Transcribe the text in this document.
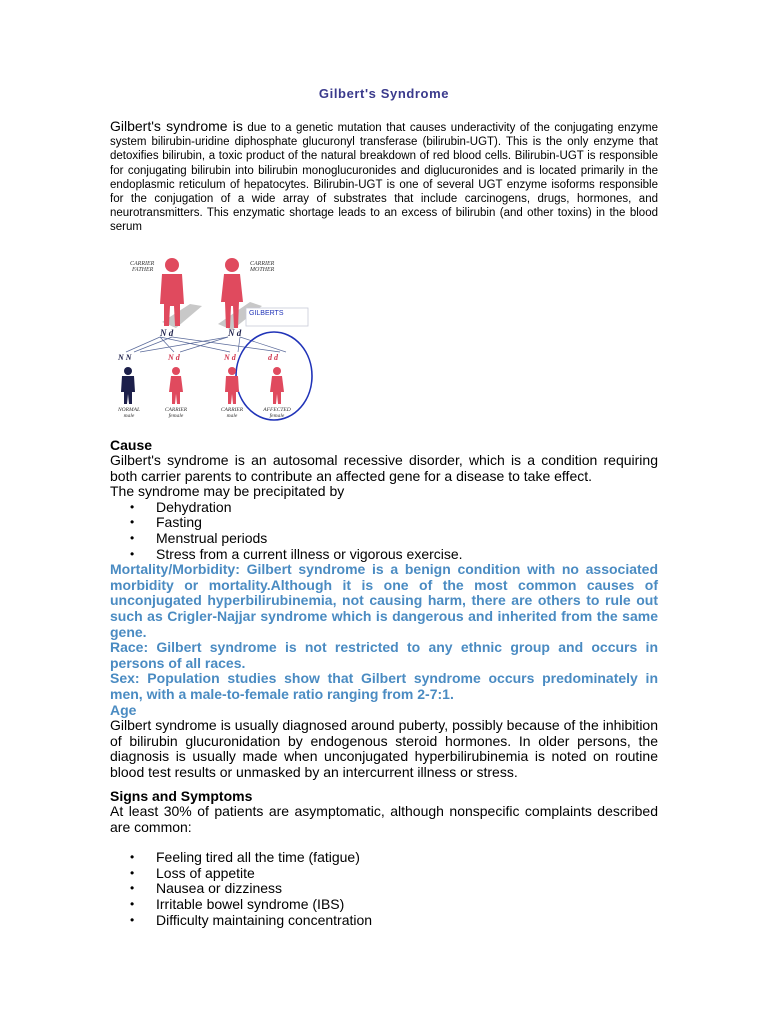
Gilbert's Syndrome
Gilbert's syndrome is due to a genetic mutation that causes underactivity of the conjugating enzyme system bilirubin-uridine diphosphate glucuronyl transferase (bilirubin-UGT). This is the only enzyme that detoxifies bilirubin, a toxic product of the natural breakdown of red blood cells. Bilirubin-UGT is responsible for conjugating bilirubin into bilirubin monoglucuronides and diglucuronides and is located primarily in the endoplasmic reticulum of hepatocytes. Bilirubin-UGT is one of several UGT enzyme isoforms responsible for the conjugation of a wide array of substrates that include carcinogens, drugs, hormones, and neurotransmitters. This enzymatic shortage leads to an excess of bilirubin (and other toxins) in the blood serum
CARRIER
FATHER
CARRIER
MOTHER
GILBERTS
N d	N d
N N	N d	N d	d d
NORMAL
male
CARRIER
female
CARRIER
male
AFFECTED
female
Cause

Gilbert's syndrome is an autosomal recessive disorder, which is a condition requiring both carrier parents to contribute an affected gene for a disease to take effect.

The syndrome may be precipitated by

• Dehydration
• Fasting
• Menstrual periods
• Stress from a current illness or vigorous exercise.

Mortality/Morbidity: Gilbert syndrome is a benign condition with no associated morbidity or mortality.Although it is one of the most common causes of unconjugated hyperbilirubinemia, not causing harm, there are others to rule out such as Crigler-Najjar syndrome which is dangerous and inherited from the same gene.

Race: Gilbert syndrome is not restricted to any ethnic group and occurs in persons of all races.

Sex: Population studies show that Gilbert syndrome occurs predominately in men, with a male-to-female ratio ranging from 2-7:1.

Age

Gilbert syndrome is usually diagnosed around puberty, possibly because of the inhibition of bilirubin glucuronidation by endogenous steroid hormones. In older persons, the diagnosis is usually made when unconjugated hyperbilirubinemia is noted on routine blood test results or unmasked by an intercurrent illness or stress.

Signs and Symptoms

At least 30% of patients are asymptomatic, although nonspecific complaints described are common:

• Feeling tired all the time (fatigue)
• Loss of appetite
• Nausea or dizziness
• Irritable bowel syndrome (IBS)
• Difficulty maintaining concentration
